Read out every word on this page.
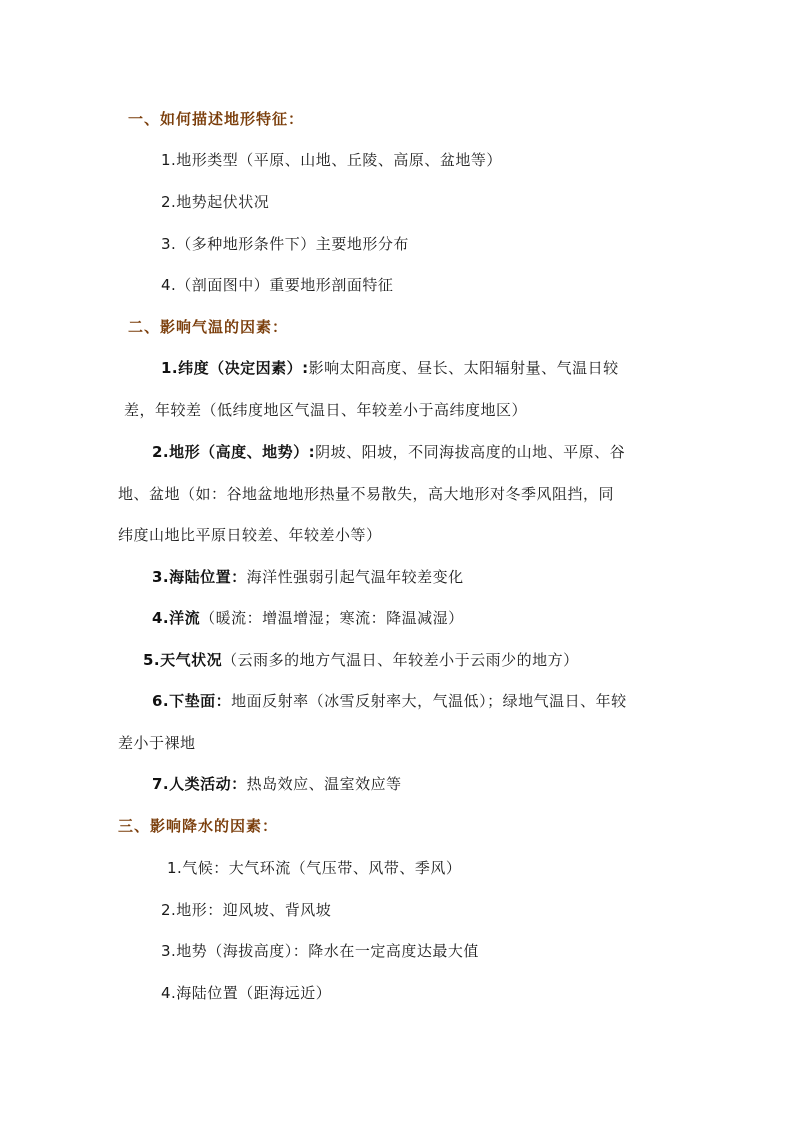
一、如何描述地形特征：
1.地形类型（平原、山地、丘陵、高原、盆地等）
2.地势起伏状况
3.（多种地形条件下）主要地形分布
4.（剖面图中）重要地形剖面特征
二、影响气温的因素：
1.纬度（决定因素）:影响太阳高度、昼长、太阳辐射量、气温日较
差，年较差（低纬度地区气温日、年较差小于高纬度地区）
2.地形（高度、地势）:阴坡、阳坡，不同海拔高度的山地、平原、谷
地、盆地（如：谷地盆地地形热量不易散失，高大地形对冬季风阻挡，同
纬度山地比平原日较差、年较差小等）
3.海陆位置：海洋性强弱引起气温年较差变化
4.洋流（暖流：增温增湿；寒流：降温减湿）
5.天气状况（云雨多的地方气温日、年较差小于云雨少的地方）
6.下垫面：地面反射率（冰雪反射率大，气温低）；绿地气温日、年较
差小于裸地
7.人类活动：热岛效应、温室效应等
三、影响降水的因素：
1.气候：大气环流（气压带、风带、季风）
2.地形：迎风坡、背风坡
3.地势（海拔高度）：降水在一定高度达最大值
4.海陆位置（距海远近）
